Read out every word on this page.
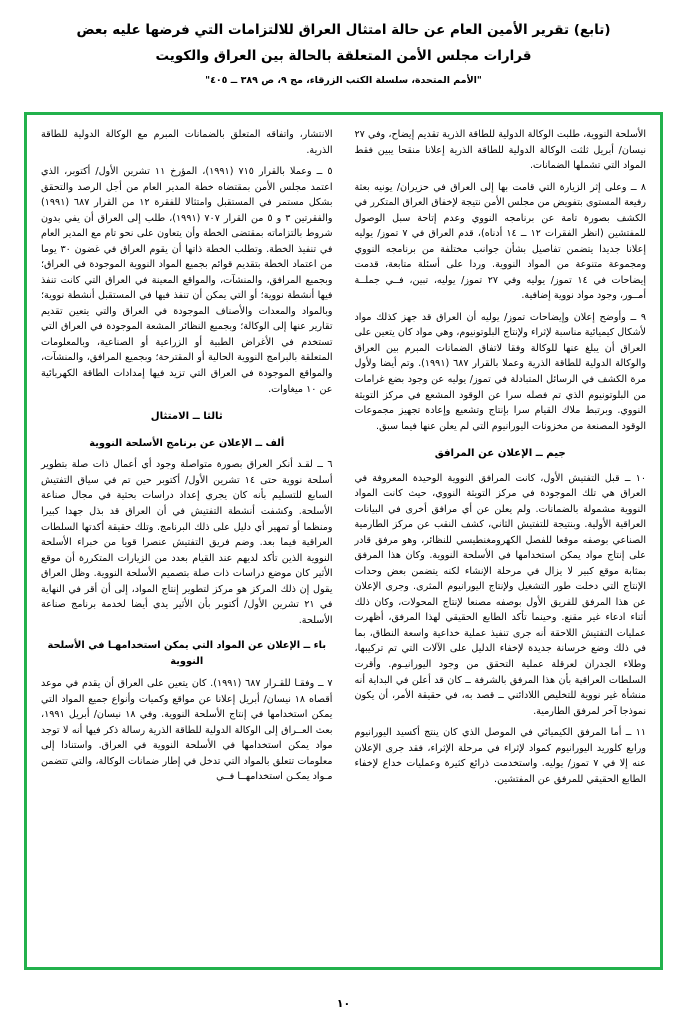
(تابع) تقرير الأمين العام عن حالة امتثال العراق للالتزامات التي فرضها عليه بعض
قرارات مجلس الأمن المتعلقة بالحالة بين العراق والكويت
"الأمم المتحدة، سلسلة الكتب الزرقاء، مج ٩، ص ٣٨٩ ــ ٤٠٥"

الأسلحة النووية، طلبت الوكالة الدولية للطاقة الذرية تقديم إيضاح، وفي ٢٧ نيسان/ أبريل ثلثت الوكالة الدولية للطاقة الذرية إعلانا منقحا يبين فقط المواد التي تشملها الضمانات.

٨ ــ وعلى إثر الزيارة التي قامت بها إلى العراق في حزيران/ يونيه بعثة رفيعة المستوى بتفويض من مجلس الأمن نتيجة لإخفاق العراق المتكرر في الكشف بصورة تامة عن برنامجه النووي وعدم إتاحة سبل الوصول للمفتشين (انظر الفقرات ١٢ ــ ١٤ أدناه)، قدم العراق في ٧ تموز/ يوليه إعلانا جديدا يتضمن تفاصيل بشأن جوانب مختلفة من برنامجه النووي ومجموعة متنوعة من المواد النووية. وردا على أسئلة متابعة، قدمت إيضاحات في ١٤ تموز/ يوليه وفي ٢٧ تموز/ يوليه، تبين، فــي جملــة أمــور، وجود مواد نووية إضافية.

٩ ــ وأوضح إعلان وإيضاحات تموز/ يوليه أن العراق قد جهز كذلك مواد لأشكال كيميائية مناسبة لإثراء ولإنتاج البلوتونيوم، وهي مواد كان يتعين على العراق أن يبلغ عنها للوكالة وفقا لاتفاق الضمانات المبرم بين العراق والوكالة الدولية للطاقة الذرية وعملا بالقرار ٦٨٧ (١٩٩١). وتم أيضا ولأول مرة الكشف في الرسائل المتبادلة في تموز/ يوليه عن وجود بضع غرامات من البلوتونيوم الذي تم فصله سرا عن الوقود المشعع في مركز التويثة النووي. وبرتبط ملاك القيام سرا بإنتاج وتشعيع وإعادة تجهيز مجموعات الوقود المصنعة من مخزونات اليورانيوم التي لم يعلن عنها فيما سبق.

جيم ــ الإعلان عن المرافق

١٠ ــ قبل التفتيش الأول، كانت المرافق النووية الوحيدة المعروفة في العراق هي تلك الموجودة في مركز التويثة النووي، حيث كانت المواد النووية مشمولة بالضمانات. ولم يعلن عن أي مرافق أخرى في البيانات العراقية الأولية. وبنتيجة للتفتيش الثاني، كشف النقب عن مركز الطارمية الصناعي بوصفه موقعا للفصل الكهرومغنطيسي للنظائر، وهو مرفق قادر على إنتاج مواد يمكن استخدامها في الأسلحة النووية. وكان هذا المرفق بمثابة موقع كبير لا يزال في مرحلة الإنشاء لكنه يتضمن بعض وحدات الإنتاج التي دخلت طور التشغيل ولإنتاج اليورانيوم المثرى. وجرى الإعلان عن هذا المرفق للفريق الأول بوصفه مصنعا لإنتاج المحولات، وكان ذلك أثناء ادعاء غير مقنع. وحينما تأكد الطابع الحقيقي لهذا المرفق، أظهرت عمليات التفتيش اللاحقة أنه جرى تنفيذ عملية خداعية واسعة النطاق، بما في ذلك وضع خرسانة جديدة لإخفاء الدليل على الآلات التي تم تركيبها، وطلاء الجدران لعرقلة عملية التحقق من وجود اليورانيـوم. وأقرت السلطات العراقية بأن هذا المرفق بالشرفة ــ كان قد أعلن في البداية أنه منشأة غير نووية للتخليص اللادائني ــ قصد به، في حقيقة الأمر، أن يكون نموذجا آخر لمرفق الطارمية.

١١ ــ أما المرفق الكيميائي في الموصل الذي كان ينتج أكسيد اليورانيوم ورابع كلوريد اليورانيوم كمواد لإثراء في مرحلة الإثراء، فقد جرى الإعلان عنه إلا في ٧ تموز/ يوليه. واستخدمت ذرائع كثيرة وعمليات خداع لإخفاء الطابع الحقيقي للمرفق عن المفتشين.

الانتشار، واتفاقه المتعلق بالضمانات المبرم مع الوكالة الدولية للطاقة الذرية.

٥ ــ وعملا بالقرار ٧١٥ (١٩٩١)، المؤرخ ١١ تشرين الأول/ أكتوبر، الذي اعتمد مجلس الأمن بمقتضاه خطة المدير العام من أجل الرصد والتحقق بشكل مستمر في المستقبل وامتثالا للفقرة ١٢ من القرار ٦٨٧ (١٩٩١) والفقرتين ٣ و ٥ من القرار ٧٠٧ (١٩٩١)، طلب إلى العراق أن يفي بدون شروط بالتزاماته بمقتضى الخطة وأن يتعاون على نحو تام مع المدير العام في تنفيذ الخطة. وتطلب الخطة ذاتها أن يقوم العراق في غضون ٣٠ يوما من اعتماد الخطة بتقديم قوائم بجميع المواد النووية الموجودة في العراق؛ وبجميع المرافق، والمنشآت، والمواقع المعينة في العراق التي كانت تنفذ فيها أنشطة نووية؛ أو التي يمكن أن تنفذ فيها في المستقبل أنشطة نووية؛ وبالمواد والمعدات والأصناف الموجودة في العراق والتي يتعين تقديم تقارير عنها إلى الوكالة؛ وبجميع النظائر المشعة الموجودة في العراق التي تستخدم في الأغراض الطبية أو الزراعية أو الصناعية، وبالمعلومات المتعلقة بالبرامج النووية الحالية أو المقترحة؛ وبجميع المرافق، والمنشآت، والمواقع الموجودة في العراق التي تزيد فيها إمدادات الطاقة الكهربائية عن ١٠ ميغاوات.

ثالثا ــ الامتثال
ألف ــ الإعلان عن برنامج الأسلحة النووية

٦ ــ لقـد أنكر العراق بصورة متواصلة وجود أي أعمال ذات صلة بتطوير أسلحة نووية حتى ١٤ تشرين الأول/ أكتوبر حين تم في سياق التفتيش السابع للتسليم بأنه كان يجري إعداد دراسات بحثية في مجال صناعة الأسلحة. وكشفت أنشطة التفتيش في أن العراق قد بذل جهدا كبيرا ومنظما أو تمهير أي دليل على ذلك البرنامج. وتلك حقيقة أكدتها السلطات العراقية فيما بعد. وضم فريق التفتيش عنصرا قويا من خبراء الأسلحة النووية الذين تأكد لديهم عند القيام بعدد من الزيارات المتكررة أن موقع الأثير كان موضع دراسات ذات صلة بتصميم الأسلحة النووية. وظل العراق يقول إن ذلك المركز هو مركز لتطوير إنتاج المواد، إلى أن أقر في النهاية في ٢١ تشرين الأول/ أكتوبر بأن الأثير يدي أيضا لخدمة برنامج صناعة الأسلحة.

باء ــ الإعلان عن المواد التي يمكن استخدامهـا في الأسلحة النووية

٧ ــ وفقـا للقـرار ٦٨٧ (١٩٩١). كان يتعين على العراق أن يقدم في موعد أقصاه ١٨ نيسان/ أبريل إعلانا عن مواقع وكميات وأنواع جميع المواد التي يمكن استخدامها في إنتاج الأسلحة النووية. وفي ١٨ نيسان/ أبريل ١٩٩١، بعث العــراق إلى الوكالة الدولية للطاقة الذرية رسالة ذكر فيها أنه لا توجد مواد يمكن استخدامها في الأسلحة النووية في العراق. واستنادا إلى معلومات تتعلق بالمواد التي تدخل في إطار ضمانات الوكالة، والتي تتضمن مـواد يمكـن استخدامهــا فــي

١٠
